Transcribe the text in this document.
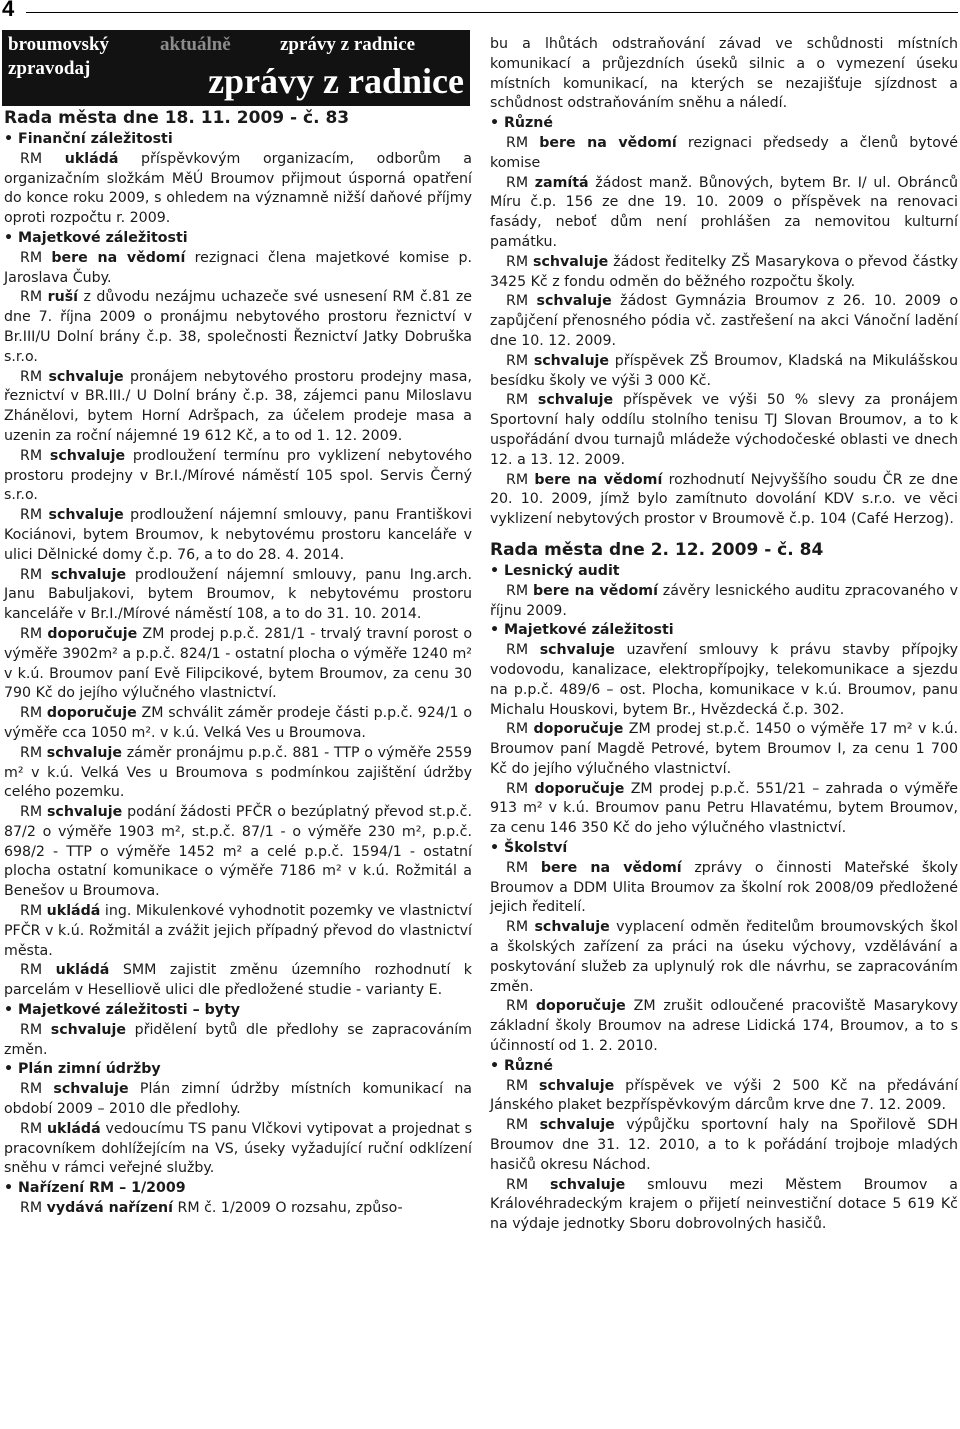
4
broumovský
zpravodaj
aktuálně	zprávy z radnice
zprávy z radnice
Rada města dne 18. 11. 2009 - č. 83

• Finanční záležitosti

RM ukládá příspěvkovým organizacím, odborům a organizačním složkám MěÚ Broumov přijmout úsporná opatření do konce roku 2009, s ohledem na významně nižší daňové příjmy oproti rozpočtu r. 2009.

• Majetkové záležitosti

RM bere na vědomí rezignaci člena majetkové komise p. Jaroslava Čuby.

RM ruší z důvodu nezájmu uchazeče své usnesení RM č.81 ze dne 7. října 2009 o pronájmu nebytového prostoru řeznictví v Br.III/U Dolní brány č.p. 38, společnosti Řeznictví Jatky Dobruška s.r.o.

RM schvaluje pronájem nebytového prostoru prodejny masa, řeznictví v BR.III./ U Dolní brány č.p. 38, zájemci panu Miloslavu Zhánělovi, bytem Horní Adršpach, za účelem prodeje masa a uzenin za roční nájemné 19 612 Kč, a to od 1. 12. 2009.

RM schvaluje prodloužení termínu pro vyklizení nebytového prostoru prodejny v Br.I./Mírové náměstí 105 spol. Servis Černý s.r.o.

RM schvaluje prodloužení nájemní smlouvy, panu Františkovi Kociánovi, bytem Broumov, k nebytovému prostoru kanceláře v ulici Dělnické domy č.p. 76, a to do 28. 4. 2014.

RM schvaluje prodloužení nájemní smlouvy, panu Ing.arch. Janu Babuljakovi, bytem Broumov, k nebytovému prostoru kanceláře v Br.I./Mírové náměstí 108, a to do 31. 10. 2014.

RM doporučuje ZM prodej p.p.č. 281/1 - trvalý travní porost o výměře 3902m² a p.p.č. 824/1 - ostatní plocha o výměře 1240 m² v k.ú. Broumov paní Evě Filipcikové, bytem Broumov, za cenu 30 790 Kč do jejího výlučného vlastnictví.

RM doporučuje ZM schválit záměr prodeje části p.p.č. 924/1 o výměře cca 1050 m². v k.ú. Velká Ves u Broumova.

RM schvaluje záměr pronájmu p.p.č. 881 - TTP o výměře 2559 m² v k.ú. Velká Ves u Broumova s podmínkou zajištění údržby celého pozemku.

RM schvaluje podání žádosti PFČR o bezúplatný převod st.p.č. 87/2 o výměře 1903 m², st.p.č. 87/1 - o výměře 230 m², p.p.č. 698/2 - TTP o výměře 1452 m² a celé p.p.č. 1594/1 - ostatní plocha ostatní komunikace o výměře 7186 m² v k.ú. Rožmitál a Benešov u Broumova.

RM ukládá ing. Mikulenkové vyhodnotit pozemky ve vlastnictví PFČR v k.ú. Rožmitál a zvážit jejich případný převod do vlastnictví města.

RM ukládá SMM zajistit změnu územního rozhodnutí k parcelám v Heselliově ulici dle předložené studie - varianty E.

• Majetkové záležitosti – byty

RM schvaluje přidělení bytů dle předlohy se zapracováním změn.

• Plán zimní údržby

RM schvaluje Plán zimní údržby místních komunikací na období 2009 – 2010 dle předlohy.

RM ukládá vedoucímu TS panu Vlčkovi vytipovat a projednat s pracovníkem dohlížejícím na VS, úseky vyžadující ruční odklízení sněhu v rámci veřejné služby.

• Nařízení RM – 1/2009

RM vydává nařízení RM č. 1/2009 O rozsahu, způso-

bu a lhůtách odstraňování závad ve schůdnosti místních komunikací a průjezdních úseků silnic a o vymezení úseku místních komunikací, na kterých se nezajišťuje sjízdnost a schůdnost odstraňováním sněhu a náledí.

• Různé

RM bere na vědomí rezignaci předsedy a členů bytové komise

RM zamítá žádost manž. Bůnových, bytem Br. I/ ul. Obránců Míru č.p. 156 ze dne 19. 10. 2009 o příspěvek na renovaci fasády, neboť dům není prohlášen za nemovitou kulturní památku.

RM schvaluje žádost ředitelky ZŠ Masarykova o převod částky 3425 Kč z fondu odměn do běžného rozpočtu školy.

RM schvaluje žádost Gymnázia Broumov z 26. 10. 2009 o zapůjčení přenosného pódia vč. zastřešení na akci Vánoční ladění dne 10. 12. 2009.

RM schvaluje příspěvek ZŠ Broumov, Kladská na Mikulášskou besídku školy ve výši 3 000 Kč.

RM schvaluje příspěvek ve výši 50 % slevy za pronájem Sportovní haly oddílu stolního tenisu TJ Slovan Broumov, a to k uspořádání dvou turnajů mládeže východočeské oblasti ve dnech 12. a 13. 12. 2009.

RM bere na vědomí rozhodnutí Nejvyššího soudu ČR ze dne 20. 10. 2009, jímž bylo zamítnuto dovolání KDV s.r.o. ve věci vyklizení nebytových prostor v Broumově č.p. 104 (Café Herzog).

Rada města dne 2. 12. 2009 - č. 84

• Lesnický audit

RM bere na vědomí závěry lesnického auditu zpracovaného v říjnu 2009.

• Majetkové záležitosti

RM schvaluje uzavření smlouvy k právu stavby přípojky vodovodu, kanalizace, elektropřípojky, telekomunikace a sjezdu na p.p.č. 489/6 – ost. Plocha, komunikace v k.ú. Broumov, panu Michalu Houskovi, bytem Br., Hvězdecká č.p. 302.

RM doporučuje ZM prodej st.p.č. 1450 o výměře 17 m² v k.ú. Broumov paní Magdě Petrové, bytem Broumov I, za cenu 1 700 Kč do jejího výlučného vlastnictví.

RM doporučuje ZM prodej p.p.č. 551/21 – zahrada o výměře 913 m² v k.ú. Broumov panu Petru Hlavatému, bytem Broumov, za cenu 146 350 Kč do jeho výlučného vlastnictví.

• Školství

RM bere na vědomí zprávy o činnosti Mateřské školy Broumov a DDM Ulita Broumov za školní rok 2008/09 předložené jejich ředitelí.

RM schvaluje vyplacení odměn ředitelům broumovských škol a školských zařízení za práci na úseku výchovy, vzdělávání a poskytování služeb za uplynulý rok dle návrhu, se zapracováním změn.

RM doporučuje ZM zrušit odloučené pracoviště Masarykovy základní školy Broumov na adrese Lidická 174, Broumov, a to s účinností od 1. 2. 2010.

• Různé

RM schvaluje příspěvek ve výši 2 500 Kč na předávání Jánského plaket bezpříspěvkovým dárcům krve dne 7. 12. 2009.

RM schvaluje výpůjčku sportovní haly na Spořilově SDH Broumov dne 31. 12. 2010, a to k pořádání trojboje mladých hasičů okresu Náchod.

RM schvaluje smlouvu mezi Městem Broumov a Královéhradeckým krajem o přijetí neinvestiční dotace 5 619 Kč na výdaje jednotky Sboru dobrovolných hasičů.
